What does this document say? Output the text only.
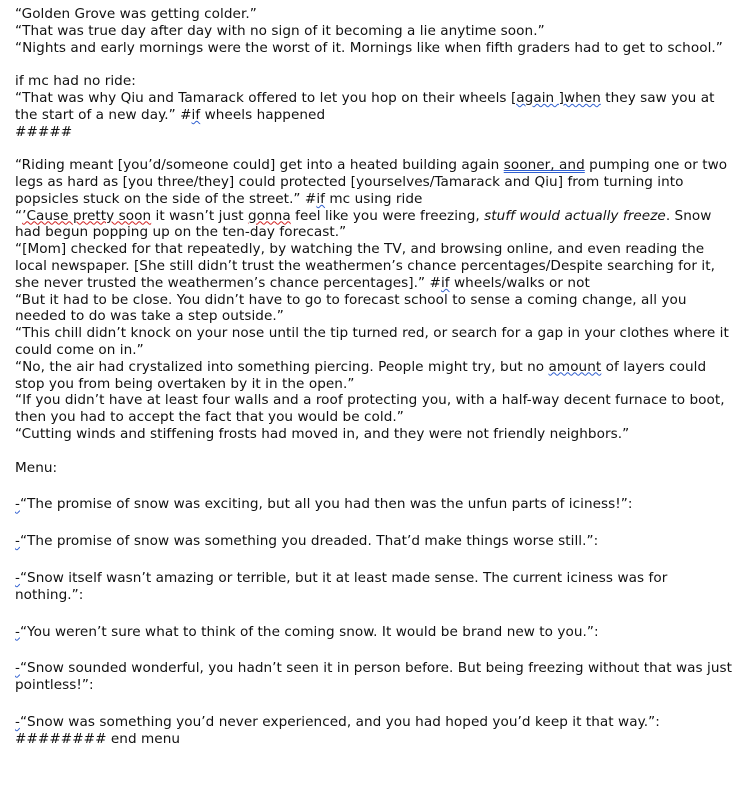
“Golden Grove was getting colder.”

“That was true day after day with no sign of it becoming a lie anytime soon.”

“Nights and early mornings were the worst of it. Mornings like when fifth graders had to get to school.”

if mc had no ride:

“That was why Qiu and Tamarack offered to let you hop on their wheels [again ]when they saw you at the start of a new day.” #if wheels happened

#####

“Riding meant [you’d/someone could] get into a heated building again sooner, and pumping one or two legs as hard as [you three/they] could protected [yourselves/Tamarack and Qiu] from turning into popsicles stuck on the side of the street.” #if mc using ride

“’Cause pretty soon it wasn’t just gonna feel like you were freezing, stuff would actually freeze. Snow had begun popping up on the ten-day forecast.”

“[Mom] checked for that repeatedly, by watching the TV, and browsing online, and even reading the local newspaper. [She still didn’t trust the weathermen’s chance percentages/Despite searching for it, she never trusted the weathermen’s chance percentages].” #if wheels/walks or not

“But it had to be close. You didn’t have to go to forecast school to sense a coming change, all you needed to do was take a step outside.”

“This chill didn’t knock on your nose until the tip turned red, or search for a gap in your clothes where it could come on in.”

“No, the air had crystalized into something piercing. People might try, but no amount of layers could stop you from being overtaken by it in the open.”

“If you didn’t have at least four walls and a roof protecting you, with a half-way decent furnace to boot, then you had to accept the fact that you would be cold.”

“Cutting winds and stiffening frosts had moved in, and they were not friendly neighbors.”

Menu:

-“The promise of snow was exciting, but all you had then was the unfun parts of iciness!”:

-“The promise of snow was something you dreaded. That’d make things worse still.”:

-“Snow itself wasn’t amazing or terrible, but it at least made sense. The current iciness was for nothing.”:

-“You weren’t sure what to think of the coming snow. It would be brand new to you.”:

-“Snow sounded wonderful, you hadn’t seen it in person before. But being freezing without that was just pointless!”:

-“Snow was something you’d never experienced, and you had hoped you’d keep it that way.”:

######## end menu
